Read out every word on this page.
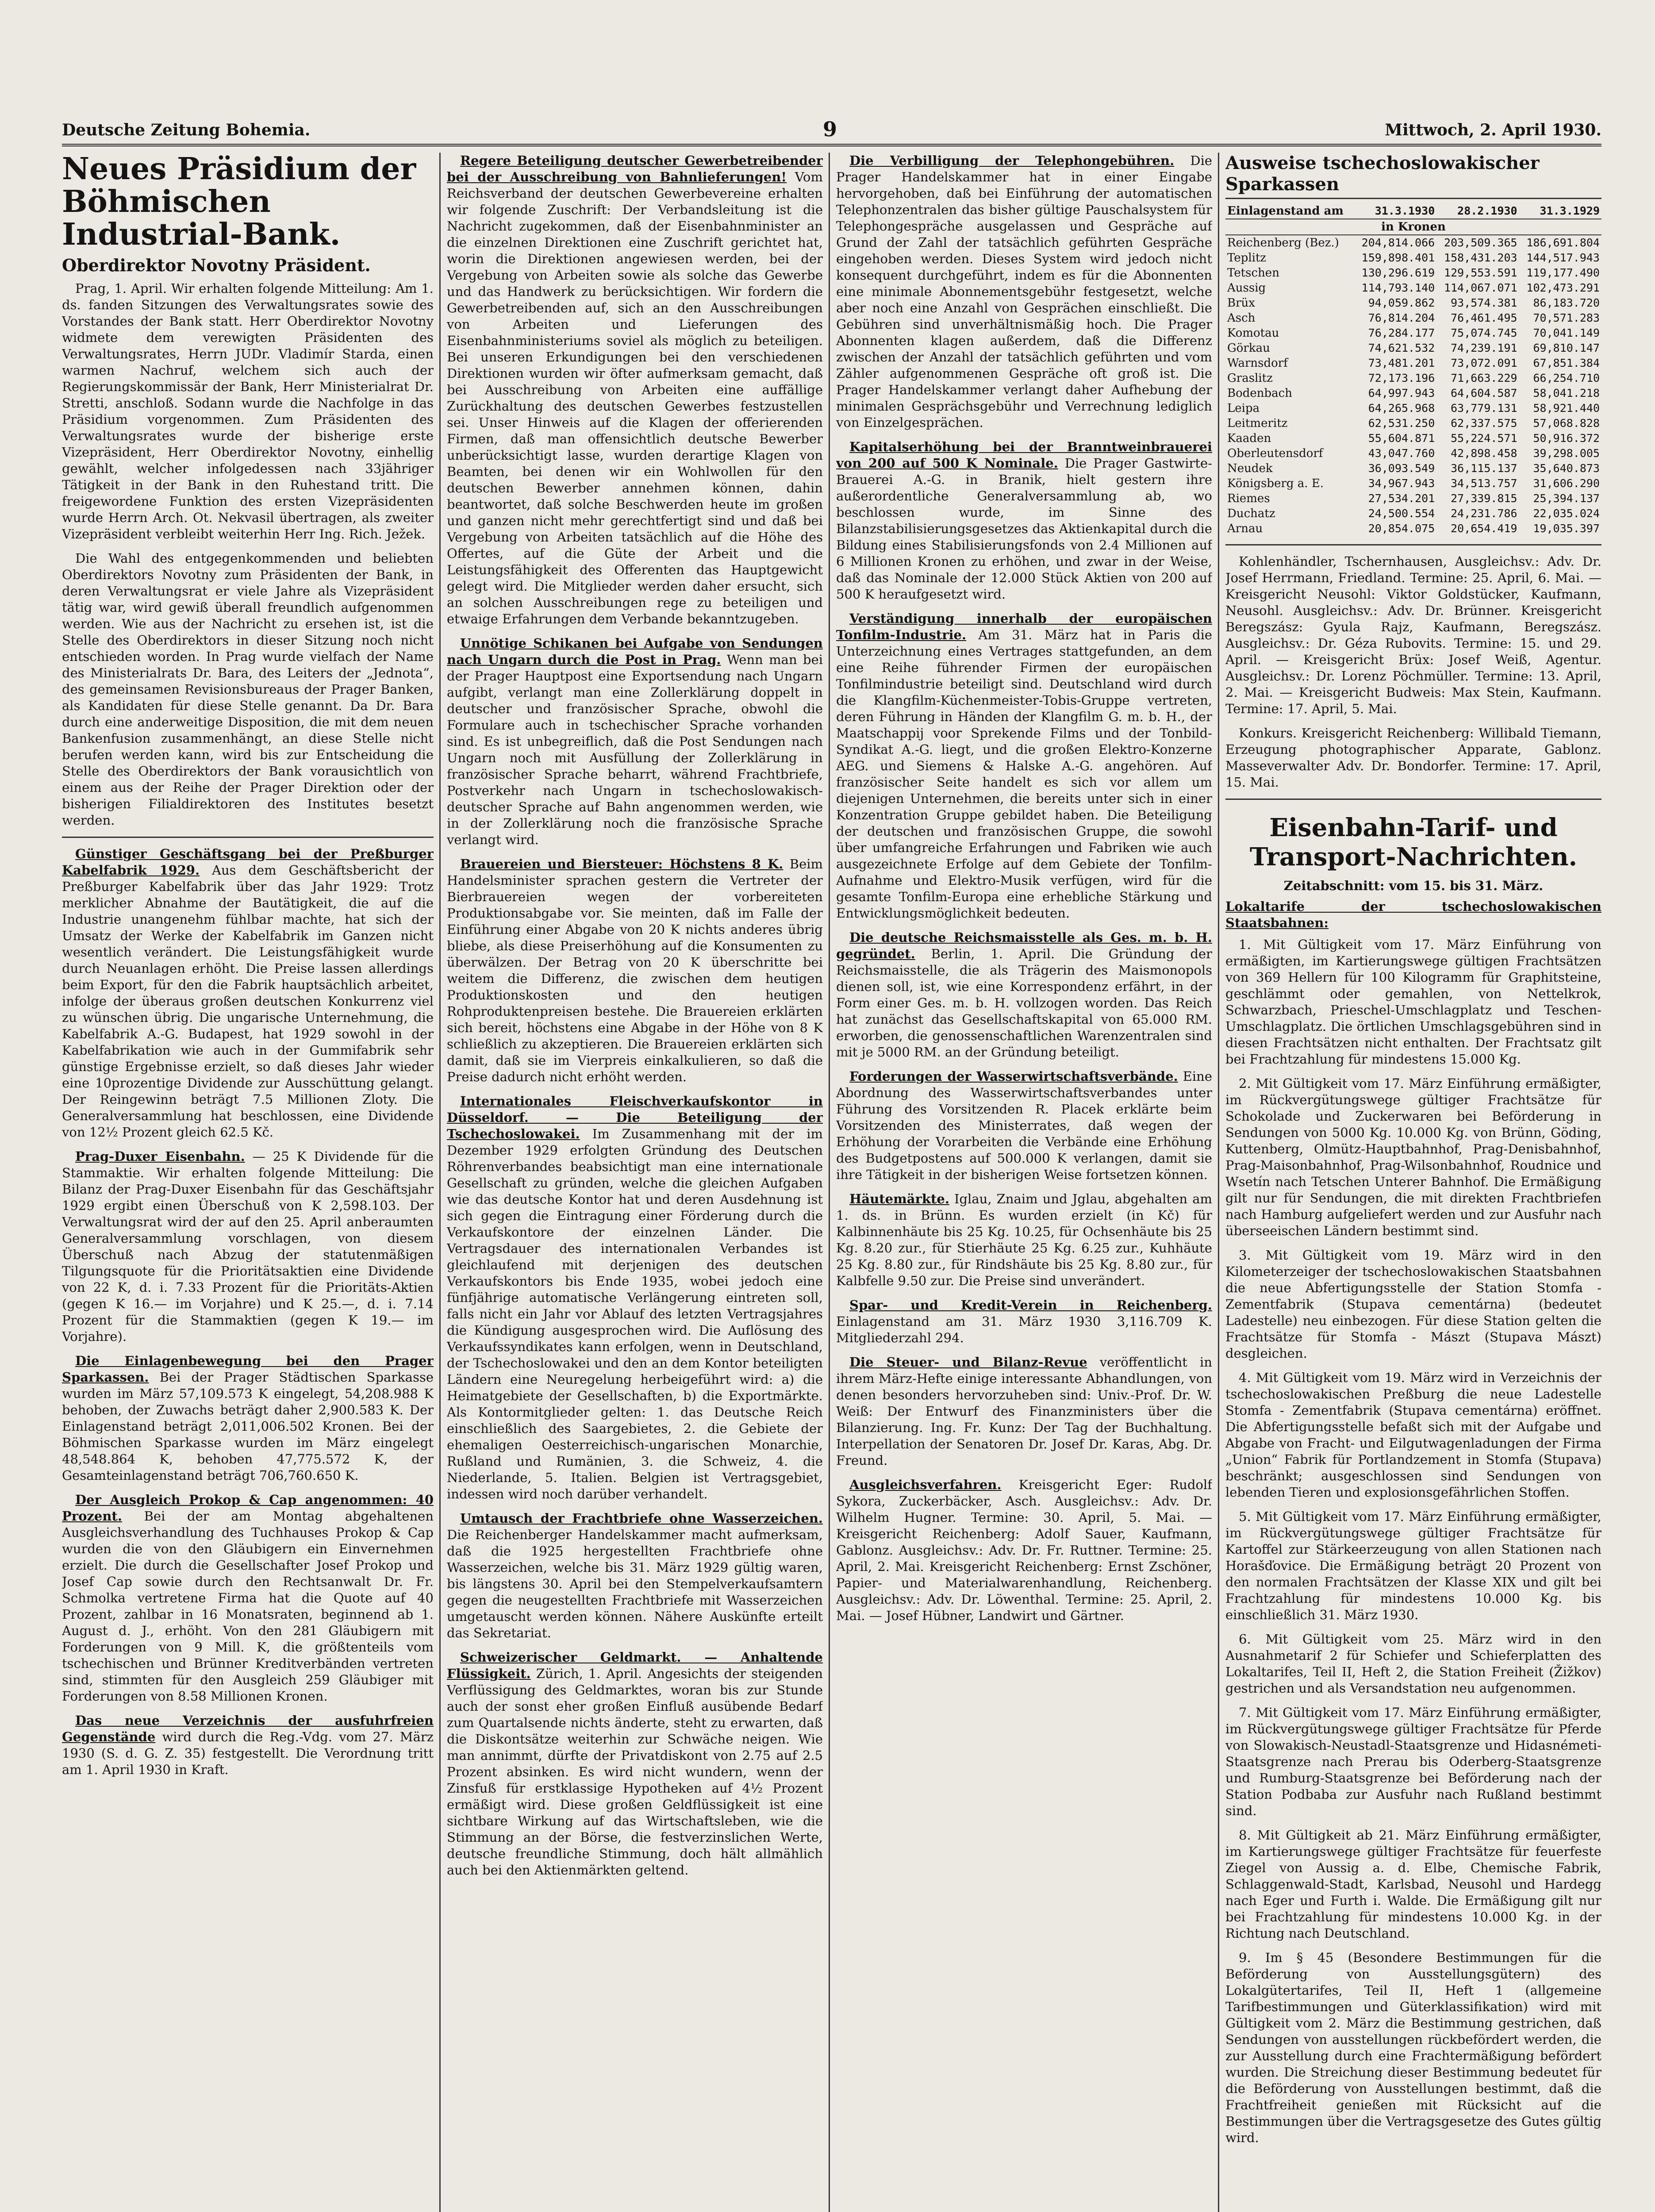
Deutsche Zeitung Bohemia.	9	Mittwoch, 2. April 1930.
Neues Präsidium der Böhmischen Industrial-Bank.
Oberdirektor Novotny Präsident.

Prag, 1. April. Wir erhalten folgende Mitteilung: Am 1. ds. fanden Sitzungen des Verwaltungsrates sowie des Vorstandes der Bank statt. Herr Oberdirektor Novotny widmete dem verewigten Präsidenten des Verwaltungsrates, Herrn JUDr. Vladimír Starda, einen warmen Nachruf, welchem sich auch der Regierungskommissär der Bank, Herr Ministerialrat Dr. Stretti, anschloß. Sodann wurde die Nachfolge in das Präsidium vorgenommen. Zum Präsidenten des Verwaltungsrates wurde der bisherige erste Vizepräsident, Herr Oberdirektor Novotny, einhellig gewählt, welcher infolgedessen nach 33jähriger Tätigkeit in der Bank in den Ruhestand tritt. Die freigewordene Funktion des ersten Vizepräsidenten wurde Herrn Arch. Ot. Nekvasil übertragen, als zweiter Vizepräsident verbleibt weiterhin Herr Ing. Rich. Ježek.

Die Wahl des entgegenkommenden und beliebten Oberdirektors Novotny zum Präsidenten der Bank, in deren Verwaltungsrat er viele Jahre als Vizepräsident tätig war, wird gewiß überall freundlich aufgenommen werden. Wie aus der Nachricht zu ersehen ist, ist die Stelle des Oberdirektors in dieser Sitzung noch nicht entschieden worden. In Prag wurde vielfach der Name des Ministerialrats Dr. Bara, des Leiters der „Jednota“, des gemeinsamen Revisionsbureaus der Prager Banken, als Kandidaten für diese Stelle genannt. Da Dr. Bara durch eine anderweitige Disposition, die mit dem neuen Bankenfusion zusammenhängt, an diese Stelle nicht berufen werden kann, wird bis zur Entscheidung die Stelle des Oberdirektors der Bank vorausichtlich von einem aus der Reihe der Prager Direktion oder der bisherigen Filialdirektoren des Institutes besetzt werden.

Günstiger Geschäftsgang bei der Preßburger Kabelfabrik 1929. Aus dem Geschäftsbericht der Preßburger Kabelfabrik über das Jahr 1929: Trotz merklicher Abnahme der Bautätigkeit, die auf die Industrie unangenehm fühlbar machte, hat sich der Umsatz der Werke der Kabelfabrik im Ganzen nicht wesentlich verändert. Die Leistungsfähigkeit wurde durch Neuanlagen erhöht. Die Preise lassen allerdings beim Export, für den die Fabrik hauptsächlich arbeitet, infolge der überaus großen deutschen Konkurrenz viel zu wünschen übrig. Die ungarische Unternehmung, die Kabelfabrik A.-G. Budapest, hat 1929 sowohl in der Kabelfabrikation wie auch in der Gummifabrik sehr günstige Ergebnisse erzielt, so daß dieses Jahr wieder eine 10prozentige Dividende zur Ausschüttung gelangt. Der Reingewinn beträgt 7.5 Millionen Zloty. Die Generalversammlung hat beschlossen, eine Dividende von 12½ Prozent gleich 62.5 Kč.

Prag-Duxer Eisenbahn. — 25 K Dividende für die Stammaktie. Wir erhalten folgende Mitteilung: Die Bilanz der Prag-Duxer Eisenbahn für das Geschäftsjahr 1929 ergibt einen Überschuß von K 2,598.103. Der Verwaltungsrat wird der auf den 25. April anberaumten Generalversammlung vorschlagen, von diesem Überschuß nach Abzug der statutenmäßigen Tilgungsquote für die Prioritätsaktien eine Dividende von 22 K, d. i. 7.33 Prozent für die Prioritäts-Aktien (gegen K 16.— im Vorjahre) und K 25.—, d. i. 7.14 Prozent für die Stammaktien (gegen K 19.— im Vorjahre).

Die Einlagenbewegung bei den Prager Sparkassen. Bei der Prager Städtischen Sparkasse wurden im März 57,109.573 K eingelegt, 54,208.988 K behoben, der Zuwachs beträgt daher 2,900.583 K. Der Einlagenstand beträgt 2,011,006.502 Kronen. Bei der Böhmischen Sparkasse wurden im März eingelegt 48,548.864 K, behoben 47,775.572 K, der Gesamteinlagenstand beträgt 706,760.650 K.

Der Ausgleich Prokop & Cap angenommen: 40 Prozent. Bei der am Montag abgehaltenen Ausgleichsverhandlung des Tuchhauses Prokop & Cap wurden die von den Gläubigern ein Einvernehmen erzielt. Die durch die Gesellschafter Josef Prokop und Josef Cap sowie durch den Rechtsanwalt Dr. Fr. Schmolka vertretene Firma hat die Quote auf 40 Prozent, zahlbar in 16 Monatsraten, beginnend ab 1. August d. J., erhöht. Von den 281 Gläubigern mit Forderungen von 9 Mill. K, die größtenteils vom tschechischen und Brünner Kreditverbänden vertreten sind, stimmten für den Ausgleich 259 Gläubiger mit Forderungen von 8.58 Millionen Kronen.

Das neue Verzeichnis der ausfuhrfreien Gegenstände wird durch die Reg.-Vdg. vom 27. März 1930 (S. d. G. Z. 35) festgestellt. Die Verordnung tritt am 1. April 1930 in Kraft.

Regere Beteiligung deutscher Gewerbetreibender bei der Ausschreibung von Bahnlieferungen! Vom Reichsverband der deutschen Gewerbevereine erhalten wir folgende Zuschrift: Der Verbandsleitung ist die Nachricht zugekommen, daß der Eisenbahnminister an die einzelnen Direktionen eine Zuschrift gerichtet hat, worin die Direktionen angewiesen werden, bei der Vergebung von Arbeiten sowie als solche das Gewerbe und das Handwerk zu berücksichtigen. Wir fordern die Gewerbetreibenden auf, sich an den Ausschreibungen von Arbeiten und Lieferungen des Eisenbahnministeriums soviel als möglich zu beteiligen. Bei unseren Erkundigungen bei den verschiedenen Direktionen wurden wir öfter aufmerksam gemacht, daß bei Ausschreibung von Arbeiten eine auffällige Zurückhaltung des deutschen Gewerbes festzustellen sei. Unser Hinweis auf die Klagen der offerierenden Firmen, daß man offensichtlich deutsche Bewerber unberücksichtigt lasse, wurden derartige Klagen von Beamten, bei denen wir ein Wohlwollen für den deutschen Bewerber annehmen können, dahin beantwortet, daß solche Beschwerden heute im großen und ganzen nicht mehr gerechtfertigt sind und daß bei Vergebung von Arbeiten tatsächlich auf die Höhe des Offertes, auf die Güte der Arbeit und die Leistungsfähigkeit des Offerenten das Hauptgewicht gelegt wird. Die Mitglieder werden daher ersucht, sich an solchen Ausschreibungen rege zu beteiligen und etwaige Erfahrungen dem Verbande bekanntzugeben.

Unnötige Schikanen bei Aufgabe von Sendungen nach Ungarn durch die Post in Prag. Wenn man bei der Prager Hauptpost eine Exportsendung nach Ungarn aufgibt, verlangt man eine Zollerklärung doppelt in deutscher und französischer Sprache, obwohl die Formulare auch in tschechischer Sprache vorhanden sind. Es ist unbegreiflich, daß die Post Sendungen nach Ungarn noch mit Ausfüllung der Zollerklärung in französischer Sprache beharrt, während Frachtbriefe, Postverkehr nach Ungarn in tschechoslowakisch-deutscher Sprache auf Bahn angenommen werden, wie in der Zollerklärung noch die französische Sprache verlangt wird.

Brauereien und Biersteuer: Höchstens 8 K. Beim Handelsminister sprachen gestern die Vertreter der Bierbrauereien wegen der vorbereiteten Produktionsabgabe vor. Sie meinten, daß im Falle der Einführung einer Abgabe von 20 K nichts anderes übrig bliebe, als diese Preiserhöhung auf die Konsumenten zu überwälzen. Der Betrag von 20 K überschritte bei weitem die Differenz, die zwischen dem heutigen Produktionskosten und den heutigen Rohproduktenpreisen bestehe. Die Brauereien erklärten sich bereit, höchstens eine Abgabe in der Höhe von 8 K schließlich zu akzeptieren. Die Brauereien erklärten sich damit, daß sie im Vierpreis einkalkulieren, so daß die Preise dadurch nicht erhöht werden.

Internationales Fleischverkaufskontor in Düsseldorf. — Die Beteiligung der Tschechoslowakei. Im Zusammenhang mit der im Dezember 1929 erfolgten Gründung des Deutschen Röhrenverbandes beabsichtigt man eine internationale Gesellschaft zu gründen, welche die gleichen Aufgaben wie das deutsche Kontor hat und deren Ausdehnung ist sich gegen die Eintragung einer Förderung durch die Verkaufskontore der einzelnen Länder. Die Vertragsdauer des internationalen Verbandes ist gleichlaufend mit derjenigen des deutschen Verkaufskontors bis Ende 1935, wobei jedoch eine fünfjährige automatische Verlängerung eintreten soll, falls nicht ein Jahr vor Ablauf des letzten Vertragsjahres die Kündigung ausgesprochen wird. Die Auflösung des Verkaufssyndikates kann erfolgen, wenn in Deutschland, der Tschechoslowakei und den an dem Kontor beteiligten Ländern eine Neuregelung herbeigeführt wird: a) die Heimatgebiete der Gesellschaften, b) die Exportmärkte. Als Kontormitglieder gelten: 1. das Deutsche Reich einschließlich des Saargebietes, 2. die Gebiete der ehemaligen Oesterreichisch-ungarischen Monarchie, Rußland und Rumänien, 3. die Schweiz, 4. die Niederlande, 5. Italien. Belgien ist Vertragsgebiet, indessen wird noch darüber verhandelt.

Umtausch der Frachtbriefe ohne Wasserzeichen. Die Reichenberger Handelskammer macht aufmerksam, daß die 1925 hergestellten Frachtbriefe ohne Wasserzeichen, welche bis 31. März 1929 gültig waren, bis längstens 30. April bei den Stempelverkaufsamtern gegen die neugestellten Frachtbriefe mit Wasserzeichen umgetauscht werden können. Nähere Auskünfte erteilt das Sekretariat.

Schweizerischer Geldmarkt. — Anhaltende Flüssigkeit. Zürich, 1. April. Angesichts der steigenden Verflüssigung des Geldmarktes, woran bis zur Stunde auch der sonst eher großen Einfluß ausübende Bedarf zum Quartalsende nichts änderte, steht zu erwarten, daß die Diskontsätze weiterhin zur Schwäche neigen. Wie man annimmt, dürfte der Privatdiskont von 2.75 auf 2.5 Prozent absinken. Es wird nicht wundern, wenn der Zinsfuß für erstklassige Hypotheken auf 4½ Prozent ermäßigt wird. Diese großen Geldflüssigkeit ist eine sichtbare Wirkung auf das Wirtschaftsleben, wie die Stimmung an der Börse, die festverzinslichen Werte, deutsche freundliche Stimmung, doch hält allmählich auch bei den Aktienmärkten geltend.

Die Verbilligung der Telephongebühren. Die Prager Handelskammer hat in einer Eingabe hervorgehoben, daß bei Einführung der automatischen Telephonzentralen das bisher gültige Pauschalsystem für Telephongespräche ausgelassen und Gespräche auf Grund der Zahl der tatsächlich geführten Gespräche eingehoben werden. Dieses System wird jedoch nicht konsequent durchgeführt, indem es für die Abonnenten eine minimale Abonnementsgebühr festgesetzt, welche aber noch eine Anzahl von Gesprächen einschließt. Die Gebühren sind unverhältnismäßig hoch. Die Prager Abonnenten klagen außerdem, daß die Differenz zwischen der Anzahl der tatsächlich geführten und vom Zähler aufgenommenen Gespräche oft groß ist. Die Prager Handelskammer verlangt daher Aufhebung der minimalen Gesprächsgebühr und Verrechnung lediglich von Einzelgesprächen.

Kapitalserhöhung bei der Branntweinbrauerei von 200 auf 500 K Nominale. Die Prager Gastwirte-Brauerei A.-G. in Branik, hielt gestern ihre außerordentliche Generalversammlung ab, wo beschlossen wurde, im Sinne des Bilanzstabilisierungsgesetzes das Aktienkapital durch die Bildung eines Stabilisierungsfonds von 2.4 Millionen auf 6 Millionen Kronen zu erhöhen, und zwar in der Weise, daß das Nominale der 12.000 Stück Aktien von 200 auf 500 K heraufgesetzt wird.

Verständigung innerhalb der europäischen Tonfilm-Industrie. Am 31. März hat in Paris die Unterzeichnung eines Vertrages stattgefunden, an dem eine Reihe führender Firmen der europäischen Tonfilmindustrie beteiligt sind. Deutschland wird durch die Klangfilm-Küchenmeister-Tobis-Gruppe vertreten, deren Führung in Händen der Klangfilm G. m. b. H., der Maatschappij voor Sprekende Films und der Tonbild-Syndikat A.-G. liegt, und die großen Elektro-Konzerne AEG. und Siemens & Halske A.-G. angehören. Auf französischer Seite handelt es sich vor allem um diejenigen Unternehmen, die bereits unter sich in einer Konzentration Gruppe gebildet haben. Die Beteiligung der deutschen und französischen Gruppe, die sowohl über umfangreiche Erfahrungen und Fabriken wie auch ausgezeichnete Erfolge auf dem Gebiete der Tonfilm-Aufnahme und Elektro-Musik verfügen, wird für die gesamte Tonfilm-Europa eine erhebliche Stärkung und Entwicklungsmöglichkeit bedeuten.

Die deutsche Reichsmaisstelle als Ges. m. b. H. gegründet. Berlin, 1. April. Die Gründung der Reichsmaisstelle, die als Trägerin des Maismonopols dienen soll, ist, wie eine Korrespondenz erfährt, in der Form einer Ges. m. b. H. vollzogen worden. Das Reich hat zunächst das Gesellschaftskapital von 65.000 RM. erworben, die genossenschaftlichen Warenzentralen sind mit je 5000 RM. an der Gründung beteiligt.

Forderungen der Wasserwirtschaftsverbände. Eine Abordnung des Wasserwirtschaftsverbandes unter Führung des Vorsitzenden R. Placek erklärte beim Vorsitzenden des Ministerrates, daß wegen der Erhöhung der Vorarbeiten die Verbände eine Erhöhung des Budgetpostens auf 500.000 K verlangen, damit sie ihre Tätigkeit in der bisherigen Weise fortsetzen können.

Häutemärkte. Iglau, Znaim und Jglau, abgehalten am 1. ds. in Brünn. Es wurden erzielt (in Kč) für Kalbinnenhäute bis 25 Kg. 10.25, für Ochsenhäute bis 25 Kg. 8.20 zur., für Stierhäute 25 Kg. 6.25 zur., Kuhhäute 25 Kg. 8.80 zur., für Rindshäute bis 25 Kg. 8.80 zur., für Kalbfelle 9.50 zur. Die Preise sind unverändert.

Spar- und Kredit-Verein in Reichenberg. Einlagenstand am 31. März 1930 3,116.709 K. Mitgliederzahl 294.

Die Steuer- und Bilanz-Revue veröffentlicht in ihrem März-Hefte einige interessante Abhandlungen, von denen besonders hervorzuheben sind: Univ.-Prof. Dr. W. Weiß: Der Entwurf des Finanzministers über die Bilanzierung. Ing. Fr. Kunz: Der Tag der Buchhaltung. Interpellation der Senatoren Dr. Josef Dr. Karas, Abg. Dr. Freund.

Ausgleichsverfahren. Kreisgericht Eger: Rudolf Sykora, Zuckerbäcker, Asch. Ausgleichsv.: Adv. Dr. Wilhelm Hugner. Termine: 30. April, 5. Mai. — Kreisgericht Reichenberg: Adolf Sauer, Kaufmann, Gablonz. Ausgleichsv.: Adv. Dr. Fr. Ruttner. Termine: 25. April, 2. Mai. Kreisgericht Reichenberg: Ernst Zschöner, Papier- und Materialwarenhandlung, Reichenberg. Ausgleichsv.: Adv. Dr. Löwenthal. Termine: 25. April, 2. Mai. — Josef Hübner, Landwirt und Gärtner.

Ausweise tschechoslowakischer Sparkassen
Einlagenstand am	31.3.1930	28.2.1930	31.3.1929
in Kronen			
Reichenberg (Bez.)	204,814.066	203,509.365	186,691.804
Teplitz	159,898.401	158,431.203	144,517.943
Tetschen	130,296.619	129,553.591	119,177.490
Aussig	114,793.140	114,067.071	102,473.291
Brüx	94,059.862	93,574.381	86,183.720
Asch	76,814.204	76,461.495	70,571.283
Komotau	76,284.177	75,074.745	70,041.149
Görkau	74,621.532	74,239.191	69,810.147
Warnsdorf	73,481.201	73,072.091	67,851.384
Graslitz	72,173.196	71,663.229	66,254.710
Bodenbach	64,997.943	64,604.587	58,041.218
Leipa	64,265.968	63,779.131	58,921.440
Leitmeritz	62,531.250	62,337.575	57,068.828
Kaaden	55,604.871	55,224.571	50,916.372
Oberleutensdorf	43,047.760	42,898.458	39,298.005
Neudek	36,093.549	36,115.137	35,640.873
Königsberg a. E.	34,967.943	34,513.757	31,606.290
Riemes	27,534.201	27,339.815	25,394.137
Duchatz	24,500.554	24,231.786	22,035.024
Arnau	20,854.075	20,654.419	19,035.397

Kohlenhändler, Tschernhausen, Ausgleichsv.: Adv. Dr. Josef Herrmann, Friedland. Termine: 25. April, 6. Mai. — Kreisgericht Neusohl: Viktor Goldstücker, Kaufmann, Neusohl. Ausgleichsv.: Adv. Dr. Brünner. Kreisgericht Beregszász: Gyula Rajz, Kaufmann, Beregszász. Ausgleichsv.: Dr. Géza Rubovits. Termine: 15. und 29. April. — Kreisgericht Brüx: Josef Weiß, Agentur. Ausgleichsv.: Dr. Lorenz Pöchmüller. Termine: 13. April, 2. Mai. — Kreisgericht Budweis: Max Stein, Kaufmann. Termine: 17. April, 5. Mai.

Konkurs. Kreisgericht Reichenberg: Willibald Tiemann, Erzeugung photographischer Apparate, Gablonz. Masseverwalter Adv. Dr. Bondorfer. Termine: 17. April, 15. Mai.

Eisenbahn-Tarif- und Transport-Nachrichten.
Zeitabschnitt: vom 15. bis 31. März.
Lokaltarife der tschechoslowakischen Staatsbahnen:

1. Mit Gültigkeit vom 17. März Einführung von ermäßigten, im Kartierungswege gültigen Frachtsätzen von 369 Hellern für 100 Kilogramm für Graphitsteine, geschlämmt oder gemahlen, von Nettelkrok, Schwarzbach, Prieschel-Umschlagplatz und Teschen-Umschlagplatz. Die örtlichen Umschlagsgebühren sind in diesen Frachtsätzen nicht enthalten. Der Frachtsatz gilt bei Frachtzahlung für mindestens 15.000 Kg.

2. Mit Gültigkeit vom 17. März Einführung ermäßigter, im Rückvergütungswege gültiger Frachtsätze für Schokolade und Zuckerwaren bei Beförderung in Sendungen von 5000 Kg. 10.000 Kg. von Brünn, Göding, Kuttenberg, Olmütz-Hauptbahnhof, Prag-Denisbahnhof, Prag-Maisonbahnhof, Prag-Wilsonbahnhof, Roudnice und Wsetín nach Tetschen Unterer Bahnhof. Die Ermäßigung gilt nur für Sendungen, die mit direkten Frachtbriefen nach Hamburg aufgeliefert werden und zur Ausfuhr nach überseeischen Ländern bestimmt sind.

3. Mit Gültigkeit vom 19. März wird in den Kilometerzeiger der tschechoslowakischen Staatsbahnen die neue Abfertigungsstelle der Station Stomfa - Zementfabrik (Stupava cementárna) (bedeutet Ladestelle) neu einbezogen. Für diese Station gelten die Frachtsätze für Stomfa - Mászt (Stupava Mászt) desgleichen.

4. Mit Gültigkeit vom 19. März wird in Verzeichnis der tschechoslowakischen Preßburg die neue Ladestelle Stomfa - Zementfabrik (Stupava cementárna) eröffnet. Die Abfertigungsstelle befaßt sich mit der Aufgabe und Abgabe von Fracht- und Eilgutwagenladungen der Firma „Union“ Fabrik für Portlandzement in Stomfa (Stupava) beschränkt; ausgeschlossen sind Sendungen von lebenden Tieren und explosionsgefährlichen Stoffen.

5. Mit Gültigkeit vom 17. März Einführung ermäßigter, im Rückvergütungswege gültiger Frachtsätze für Kartoffel zur Stärkeerzeugung von allen Stationen nach Horašďovice. Die Ermäßigung beträgt 20 Prozent von den normalen Frachtsätzen der Klasse XIX und gilt bei Frachtzahlung für mindestens 10.000 Kg. bis einschließlich 31. März 1930.

6. Mit Gültigkeit vom 25. März wird in den Ausnahmetarif 2 für Schiefer und Schieferplatten des Lokaltarifes, Teil II, Heft 2, die Station Freiheit (Žižkov) gestrichen und als Versandstation neu aufgenommen.

7. Mit Gültigkeit vom 17. März Einführung ermäßigter, im Rückvergütungswege gültiger Frachtsätze für Pferde von Slowakisch-Neustadl-Staatsgrenze und Hidasnémeti-Staatsgrenze nach Prerau bis Oderberg-Staatsgrenze und Rumburg-Staatsgrenze bei Beförderung nach der Station Podbaba zur Ausfuhr nach Rußland bestimmt sind.

8. Mit Gültigkeit ab 21. März Einführung ermäßigter, im Kartierungswege gültiger Frachtsätze für feuerfeste Ziegel von Aussig a. d. Elbe, Chemische Fabrik, Schlaggenwald-Stadt, Karlsbad, Neusohl und Hardegg nach Eger und Furth i. Walde. Die Ermäßigung gilt nur bei Frachtzahlung für mindestens 10.000 Kg. in der Richtung nach Deutschland.

9. Im § 45 (Besondere Bestimmungen für die Beförderung von Ausstellungsgütern) des Lokalgütertarifes, Teil II, Heft 1 (allgemeine Tarifbestimmungen und Güterklassifikation) wird mit Gültigkeit vom 2. März die Bestimmung gestrichen, daß Sendungen von ausstellungen rückbefördert werden, die zur Ausstellung durch eine Frachtermäßigung befördert wurden. Die Streichung dieser Bestimmung bedeutet für die Beförderung von Ausstellungen bestimmt, daß die Frachtfreiheit genießen mit Rücksicht auf die Bestimmungen über die Vertragsgesetze des Gutes gültig wird.
